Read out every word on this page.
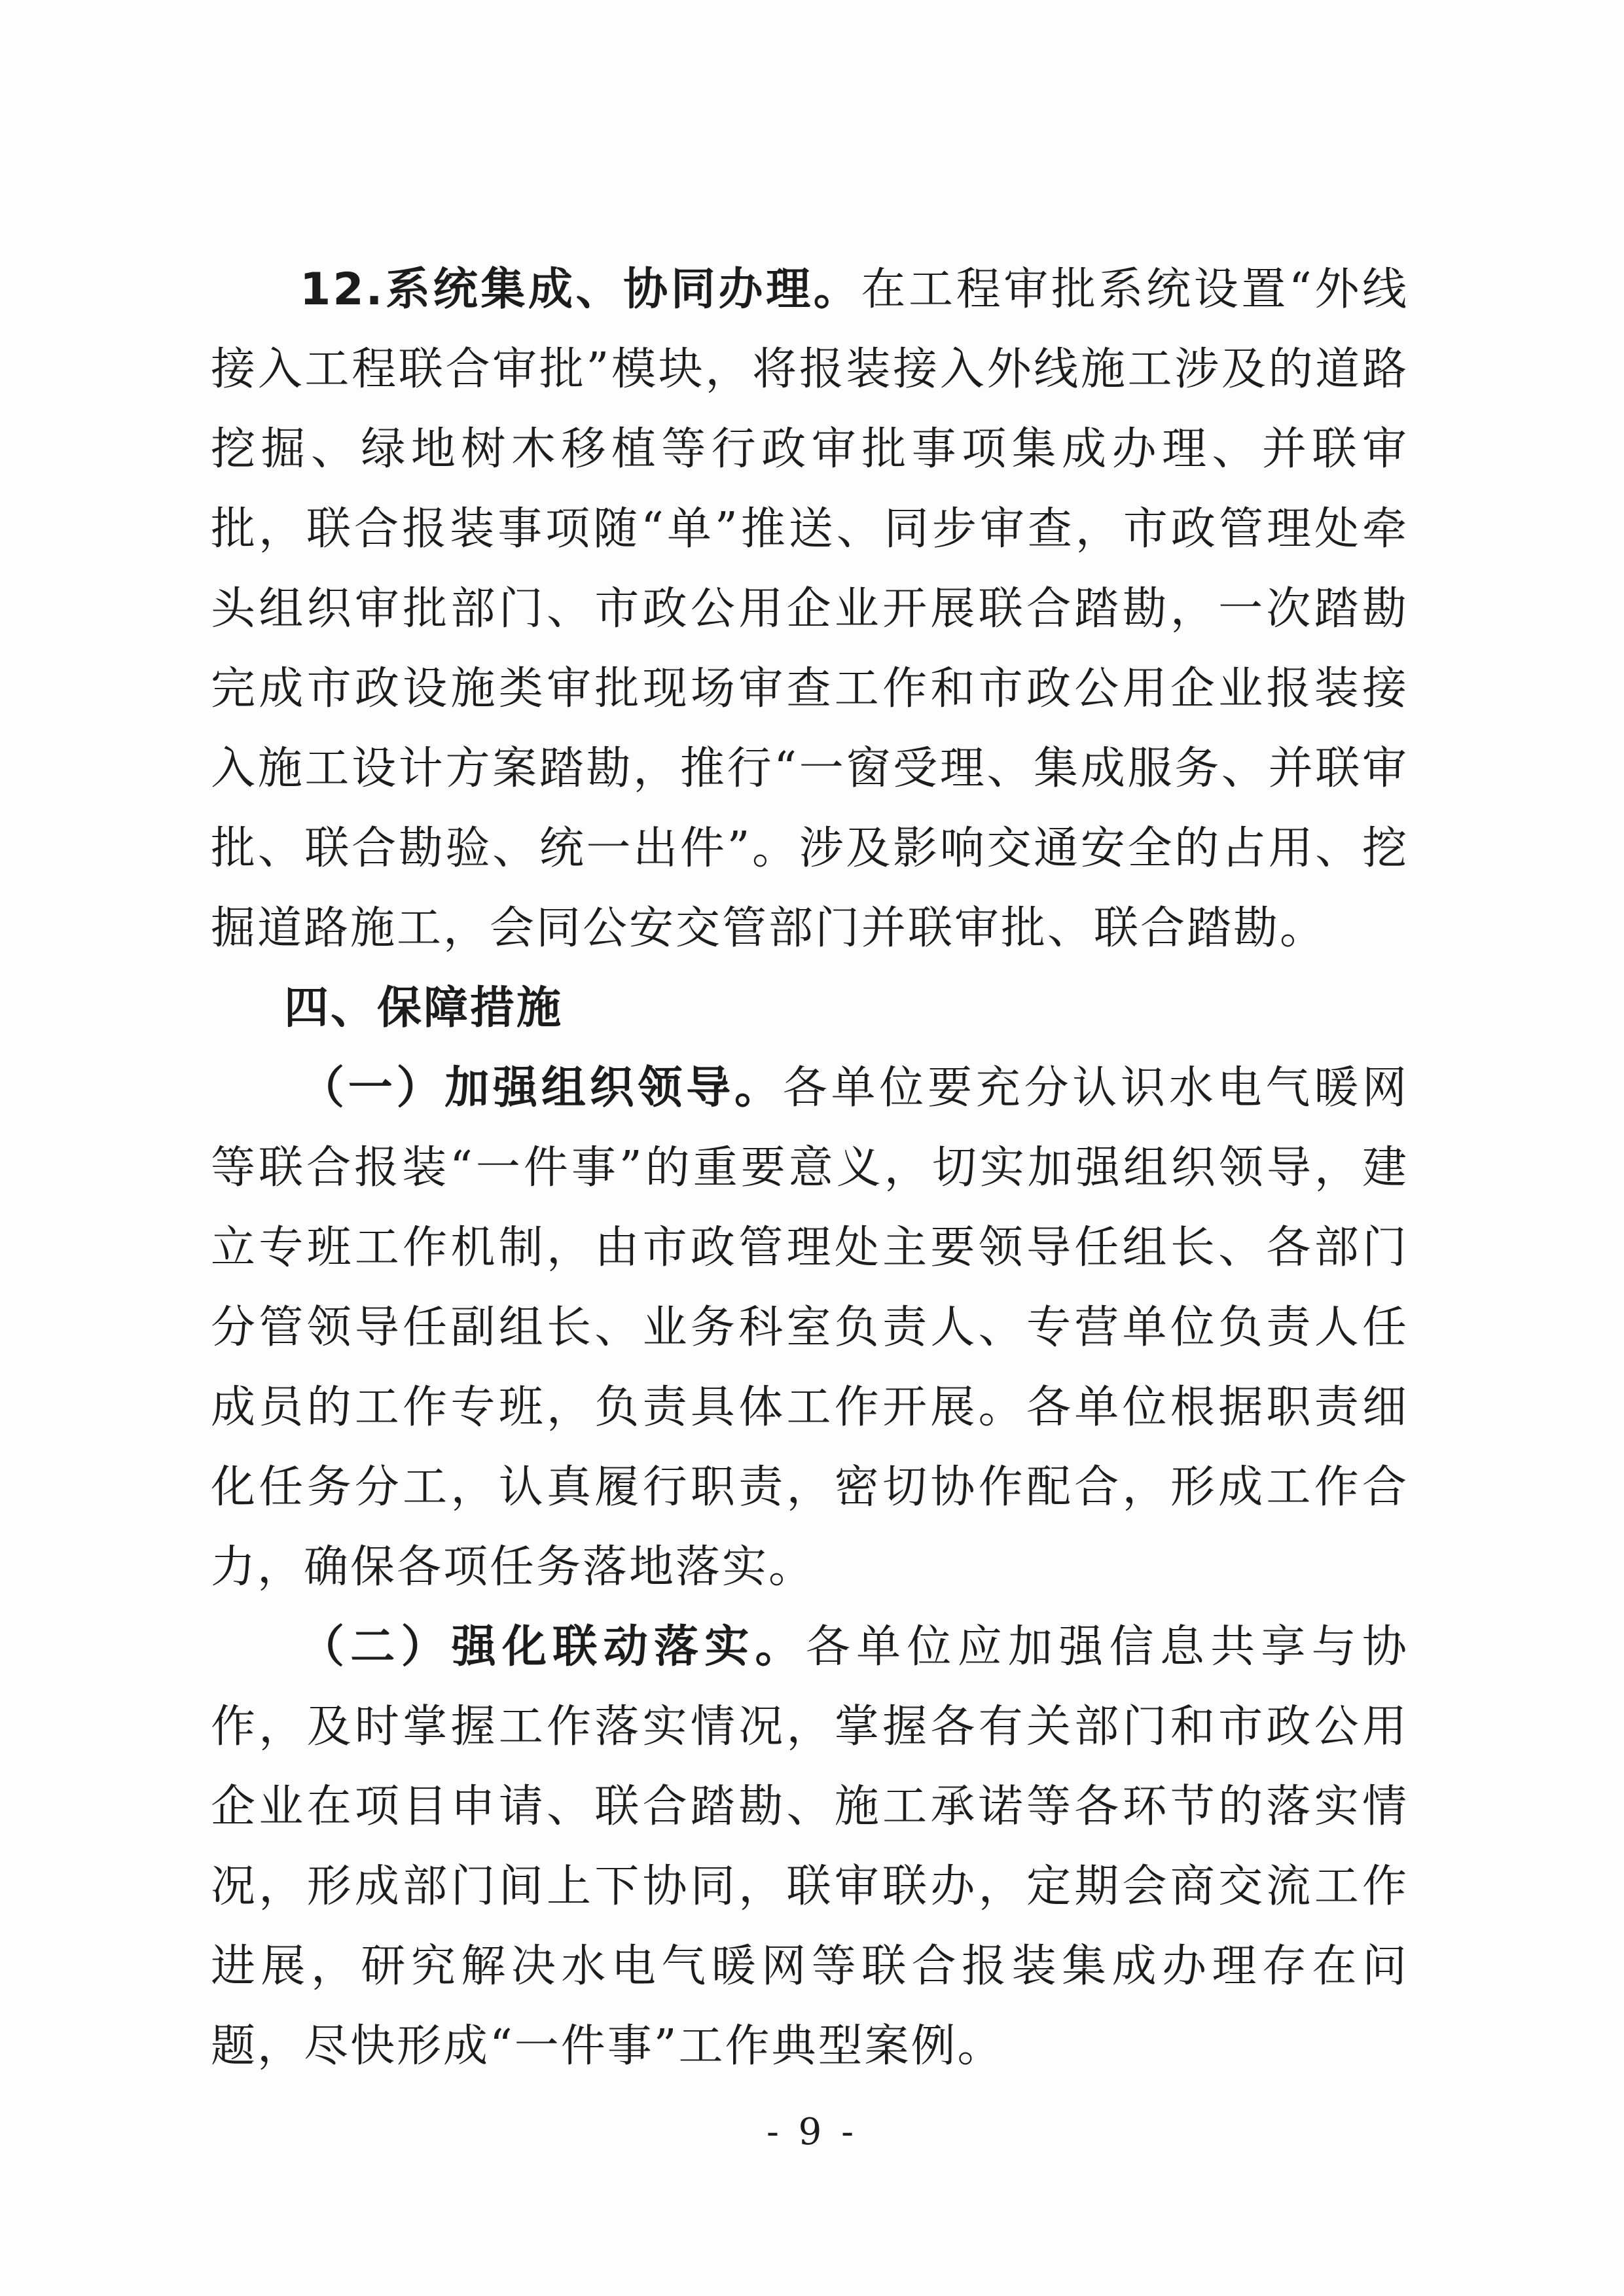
12.系统集成、协同办理。在工程审批系统设置“外线接入工程联合审批”模块，将报装接入外线施工涉及的道路挖掘、绿地树木移植等行政审批事项集成办理、并联审批，联合报装事项随“单”推送、同步审查，市政管理处牵头组织审批部门、市政公用企业开展联合踏勘，一次踏勘完成市政设施类审批现场审查工作和市政公用企业报装接入施工设计方案踏勘，推行“一窗受理、集成服务、并联审批、联合勘验、统一出件”。涉及影响交通安全的占用、挖掘道路施工，会同公安交管部门并联审批、联合踏勘。

四、保障措施

（一）加强组织领导。各单位要充分认识水电气暖网等联合报装“一件事”的重要意义，切实加强组织领导，建立专班工作机制，由市政管理处主要领导任组长、各部门分管领导任副组长、业务科室负责人、专营单位负责人任成员的工作专班，负责具体工作开展。各单位根据职责细化任务分工，认真履行职责，密切协作配合，形成工作合力，确保各项任务落地落实。

（二）强化联动落实。各单位应加强信息共享与协作，及时掌握工作落实情况，掌握各有关部门和市政公用企业在项目申请、联合踏勘、施工承诺等各环节的落实情况，形成部门间上下协同，联审联办，定期会商交流工作进展，研究解决水电气暖网等联合报装集成办理存在问题，尽快形成“一件事”工作典型案例。

- 9 -
